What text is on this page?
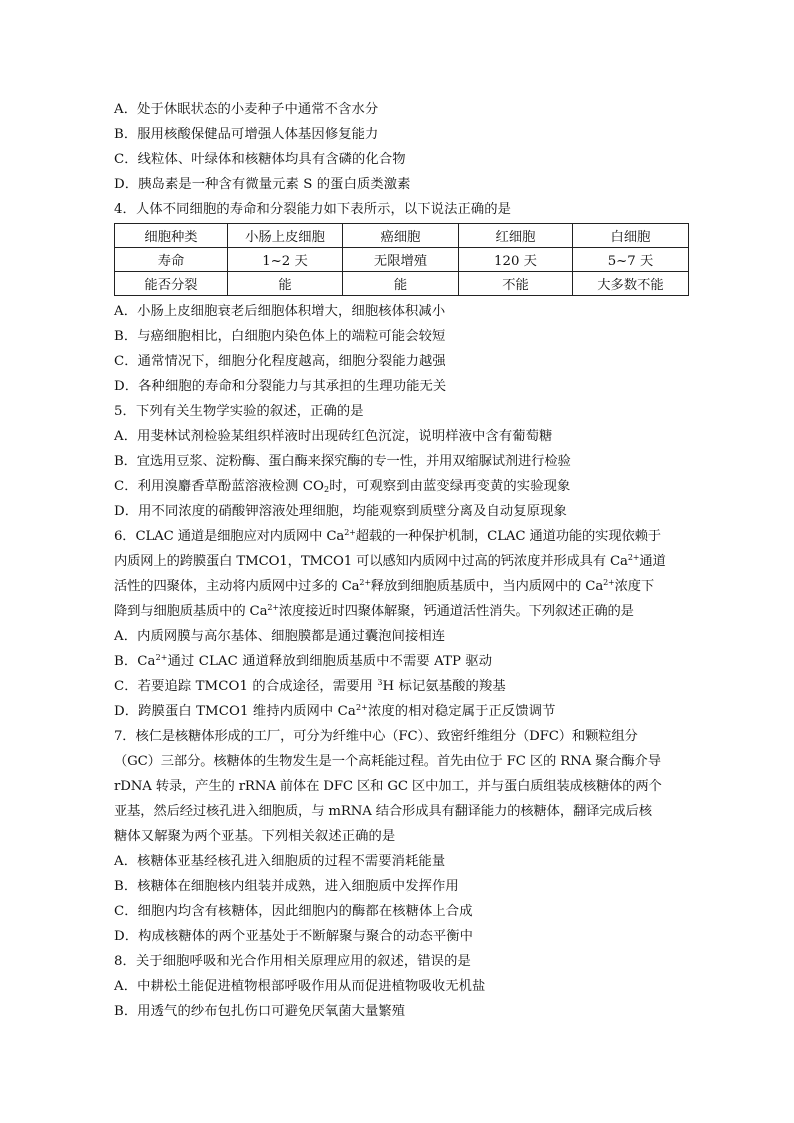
A．处于休眠状态的小麦种子中通常不含水分
B．服用核酸保健品可增强人体基因修复能力
C．线粒体、叶绿体和核糖体均具有含磷的化合物
D．胰岛素是一种含有微量元素 S 的蛋白质类激素
4．人体不同细胞的寿命和分裂能力如下表所示，以下说法正确的是
细胞种类	小肠上皮细胞	癌细胞	红细胞	白细胞
寿命	1~2 天	无限增殖	120 天	5~7 天
能否分裂	能	能	不能	大多数不能
A．小肠上皮细胞衰老后细胞体积增大，细胞核体积减小
B．与癌细胞相比，白细胞内染色体上的端粒可能会较短
C．通常情况下，细胞分化程度越高，细胞分裂能力越强
D．各种细胞的寿命和分裂能力与其承担的生理功能无关
5．下列有关生物学实验的叙述，正确的是
A．用斐林试剂检验某组织样液时出现砖红色沉淀，说明样液中含有葡萄糖
B．宜选用豆浆、淀粉酶、蛋白酶来探究酶的专一性，并用双缩脲试剂进行检验
C．利用溴麝香草酚蓝溶液检测 $CO_2$时，可观察到由蓝变绿再变黄的实验现象
D．用不同浓度的硝酸钾溶液处理细胞，均能观察到质壁分离及自动复原现象
6．CLAC 通道是细胞应对内质网中 $Ca^{2+}$超载的一种保护机制，CLAC 通道功能的实现依赖于
内质网上的跨膜蛋白 TMCO1，TMCO1 可以感知内质网中过高的钙浓度并形成具有 $Ca^{2+}$通道
活性的四聚体，主动将内质网中过多的 $Ca^{2+}$释放到细胞质基质中，当内质网中的 $Ca^{2+}$浓度下
降到与细胞质基质中的 $Ca^{2+}$浓度接近时四聚体解聚，钙通道活性消失。下列叙述正确的是
A．内质网膜与高尔基体、细胞膜都是通过囊泡间接相连
B．$Ca^{2+}$通过 CLAC 通道释放到细胞质基质中不需要 ATP 驱动
C．若要追踪 TMCO1 的合成途径，需要用 $^3$H 标记氨基酸的羧基
D．跨膜蛋白 TMCO1 维持内质网中 $Ca^{2+}$浓度的相对稳定属于正反馈调节
7．核仁是核糖体形成的工厂，可分为纤维中心（FC）、致密纤维组分（DFC）和颗粒组分
（GC）三部分。核糖体的生物发生是一个高耗能过程。首先由位于 FC 区的 RNA 聚合酶介导
rDNA 转录，产生的 rRNA 前体在 DFC 区和 GC 区中加工，并与蛋白质组装成核糖体的两个
亚基，然后经过核孔进入细胞质，与 mRNA 结合形成具有翻译能力的核糖体，翻译完成后核
糖体又解聚为两个亚基。下列相关叙述正确的是
A．核糖体亚基经核孔进入细胞质的过程不需要消耗能量
B．核糖体在细胞核内组装并成熟，进入细胞质中发挥作用
C．细胞内均含有核糖体，因此细胞内的酶都在核糖体上合成
D．构成核糖体的两个亚基处于不断解聚与聚合的动态平衡中
8．关于细胞呼吸和光合作用相关原理应用的叙述，错误的是
A．中耕松土能促进植物根部呼吸作用从而促进植物吸收无机盐
B．用透气的纱布包扎伤口可避免厌氧菌大量繁殖
